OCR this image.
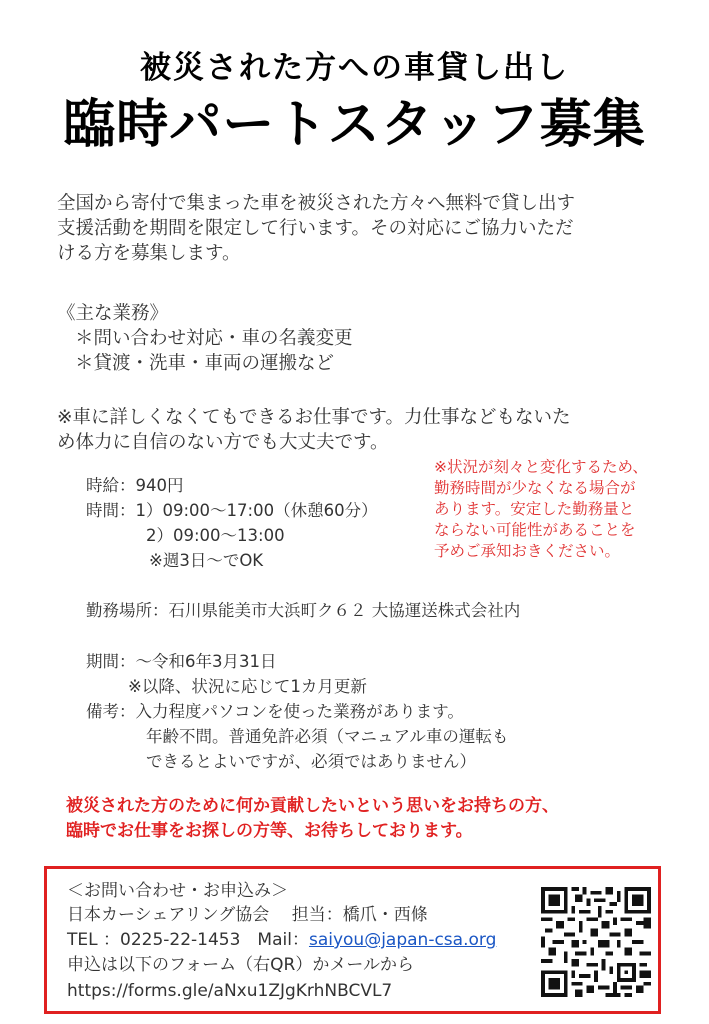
被災された方への車貸し出し
臨時パートスタッフ募集
全国から寄付で集まった車を被災された方々へ無料で貸し出す
支援活動を期間を限定して行います。その対応にご協力いただ
ける方を募集します。
《主な業務》
＊問い合わせ対応・車の名義変更
＊貸渡・洗車・車両の運搬など
※車に詳しくなくてもできるお仕事です。力仕事などもないた
め体力に自信のない方でも大丈夫です。
時給：940円
時間：1）09:00～17:00（休憩60分）
2）09:00～13:00
※週3日～でOK
※状況が刻々と変化するため、
勤務時間が少なくなる場合が
あります。安定した勤務量と
ならない可能性があることを
予めご承知おきください。
勤務場所：石川県能美市大浜町ク６２ 大協運送株式会社内
期間：～令和6年3月31日
※以降、状況に応じて1カ月更新
備考：入力程度パソコンを使った業務があります。
年齢不問。普通免許必須（マニュアル車の運転も
できるとよいですが、必須ではありません）
被災された方のために何か貢献したいという思いをお持ちの方、
臨時でお仕事をお探しの方等、お待ちしております。
＜お問い合わせ・お申込み＞
日本カーシェアリング協会　 担当：橋爪・西條
TEL ：0225-22-1453　Mail：saiyou@japan-csa.org
申込は以下のフォーム（右QR）かメールから
https://forms.gle/aNxu1ZJgKrhNBCVL7
